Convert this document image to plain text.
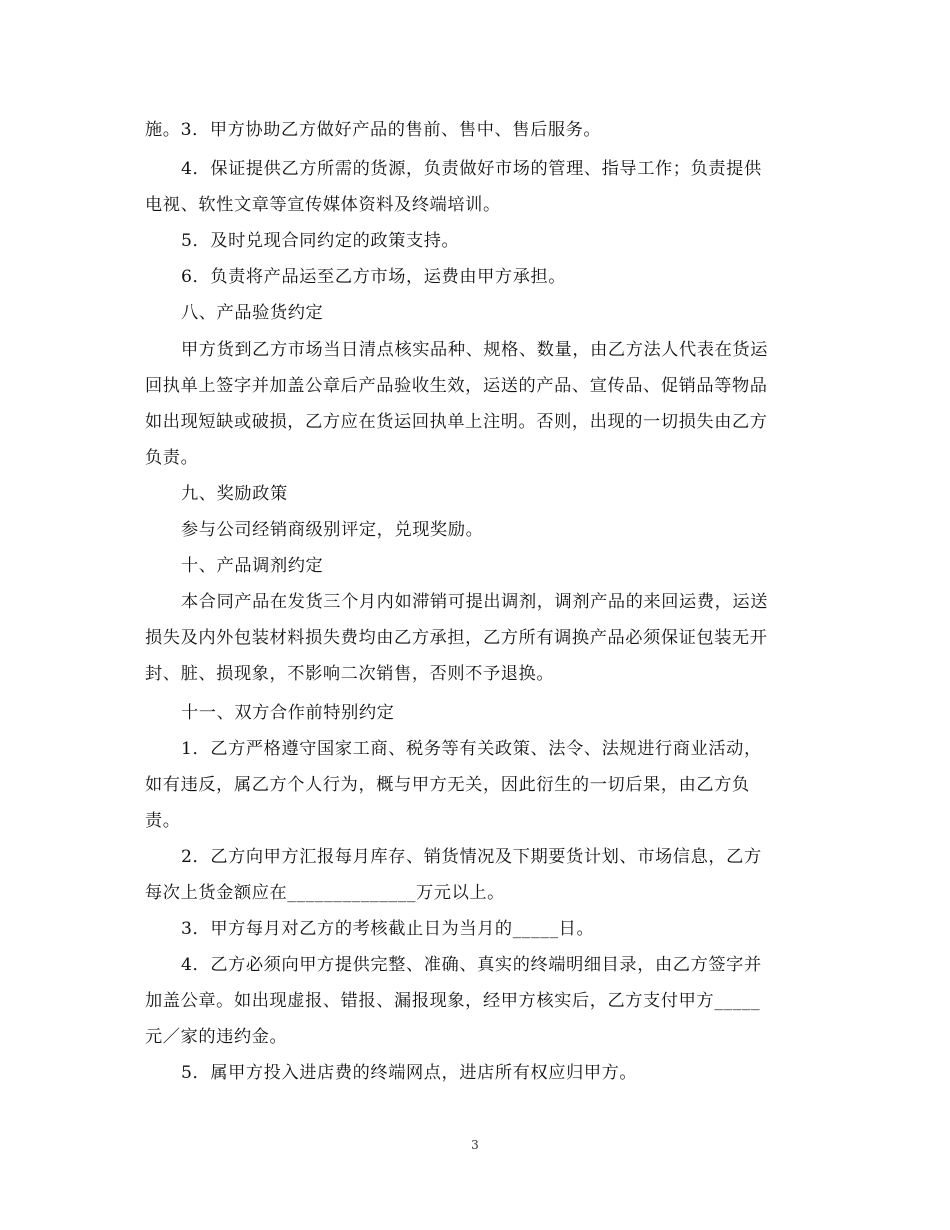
施。3．甲方协助乙方做好产品的售前、售中、售后服务。
4．保证提供乙方所需的货源，负责做好市场的管理、指导工作；负责提供
电视、软性文章等宣传媒体资料及终端培训。
5．及时兑现合同约定的政策支持。
6．负责将产品运至乙方市场，运费由甲方承担。
八、产品验货约定
甲方货到乙方市场当日清点核实品种、规格、数量，由乙方法人代表在货运
回执单上签字并加盖公章后产品验收生效，运送的产品、宣传品、促销品等物品
如出现短缺或破损，乙方应在货运回执单上注明。否则，出现的一切损失由乙方
负责。
九、奖励政策
参与公司经销商级别评定，兑现奖励。
十、产品调剂约定
本合同产品在发货三个月内如滞销可提出调剂，调剂产品的来回运费，运送
损失及内外包装材料损失费均由乙方承担，乙方所有调换产品必须保证包装无开
封、脏、损现象，不影响二次销售，否则不予退换。
十一、双方合作前特别约定
1．乙方严格遵守国家工商、税务等有关政策、法令、法规进行商业活动，
如有违反，属乙方个人行为，概与甲方无关，因此衍生的一切后果，由乙方负
责。
2．乙方向甲方汇报每月库存、销货情况及下期要货计划、市场信息，乙方
每次上货金额应在______________万元以上。
3．甲方每月对乙方的考核截止日为当月的_____日。
4．乙方必须向甲方提供完整、准确、真实的终端明细目录，由乙方签字并
加盖公章。如出现虚报、错报、漏报现象，经甲方核实后，乙方支付甲方_____
元／家的违约金。
5．属甲方投入进店费的终端网点，进店所有权应归甲方。
3
